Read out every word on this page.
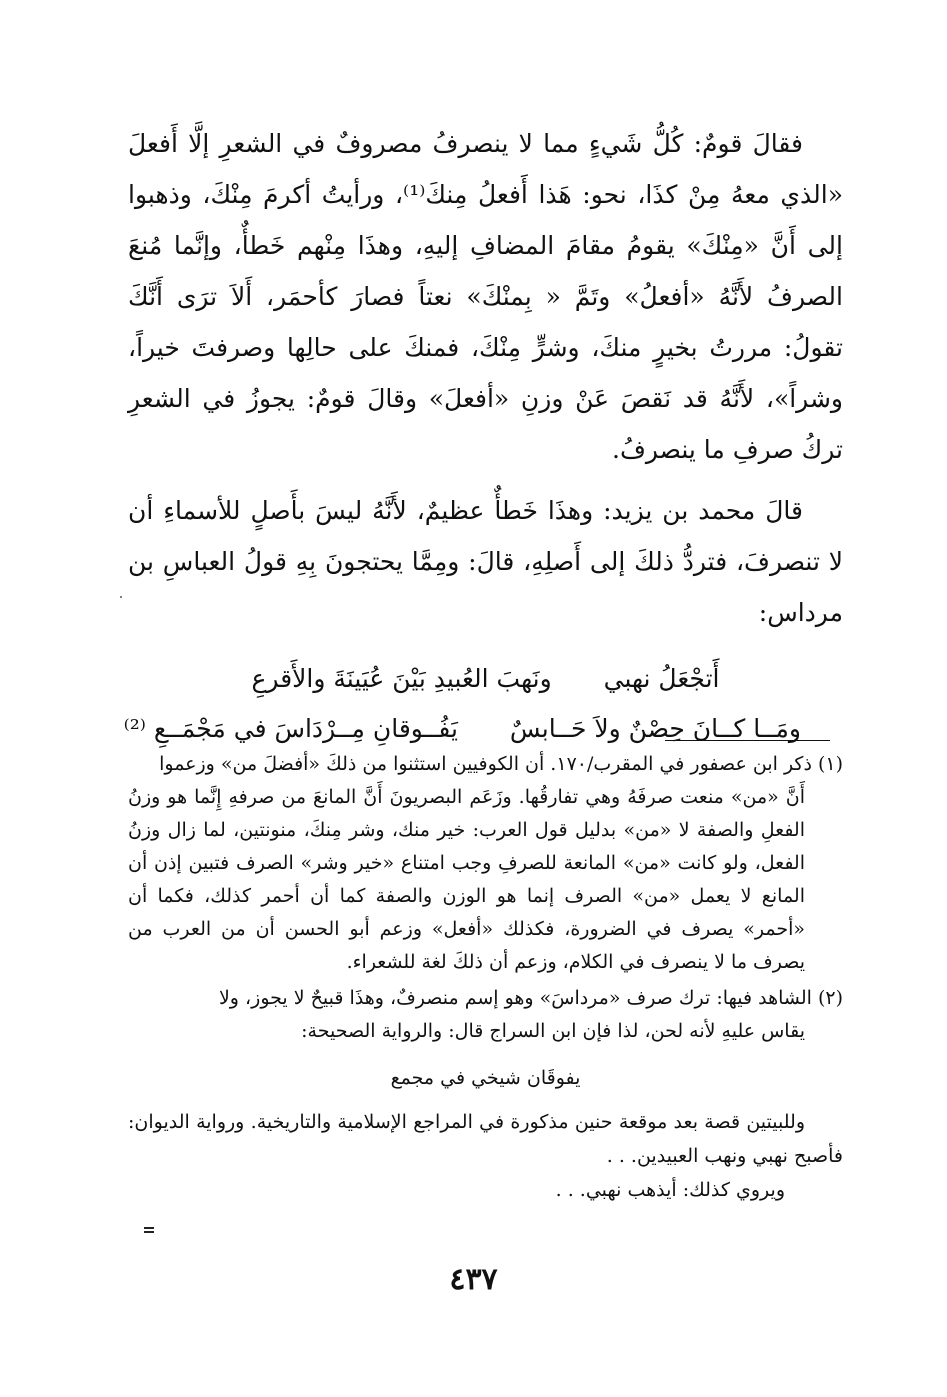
فقالَ قومٌ: كُلُّ شَيءٍ مما لا ينصرفُ مصروفٌ في الشعرِ إلَّا أَفعلَ «الذي معهُ مِنْ كذَا، نحو: هَذا أَفعلُ مِنكَ⁽¹⁾، ورأيتُ أكرمَ مِنْكَ، وذهبوا إلى أَنَّ «مِنْكَ» يقومُ مقامَ المضافِ إليهِ، وهذَا مِنْهم خَطأٌ، وإنَّما مُنعَ الصرفُ لأَنَّهُ «أفعلُ» وتَمَّ « بِمنْكَ» نعتاً فصارَ كأحمَر، أَلاَ ترَى أَنَّكَ تقولُ: مررتُ بخيرٍ منكَ، وشرٍّ مِنْكَ، فمنكَ على حالِها وصرفتَ خيراً، وشراً»، لأَنَّهُ قد نَقصَ عَنْ وزنِ «أفعلَ» وقالَ قومٌ: يجوزُ في الشعرِ تركُ صرفِ ما ينصرفُ.

قالَ محمد بن يزيد: وهذَا خَطأٌ عظيمٌ، لأَنَّهُ ليسَ بأَصلٍ للأسماءِ أن لا تنصرفَ، فتردُّ ذلكَ إلى أَصلِهِ، قالَ: ومِمَّا يحتجونَ بِهِ قولُ العباسِ بن مرداس:

أَتجْعَلُ نهبي ونَهبَ العُبيدِ بَيْنَ عُيَينَةَ والأَقرعِ
ومَــا كــانَ حِصْنٌ ولاَ حَــابسٌ يَفُــوقانِ مِــرْدَاسَ في مَجْمَــعِ ⁽²⁾

(١)ذكر ابن عصفور في المقرب/١٧٠. أن الكوفيين استثنوا من ذلكَ «أفضلَ من» وزعموا
أَنَّ «من» منعت صرفَهُ وهي تفارقُها. وزَعَم البصريونَ أَنَّ المانعَ من صرفهِ إِنَّما هو وزنُ الفعلِ والصفة لا «من» بدليل قول العرب: خير منك، وشر مِنكَ، منونتين، لما زال وزنُ الفعل، ولو كانت «من» المانعة للصرفِ وجب امتناع «خير وشر» الصرف فتبين إذن أن المانع لا يعمل «من» الصرف إنما هو الوزن والصفة كما أن أحمر كذلك، فكما أن «أحمر» يصرف في الضرورة، فكذلك «أفعل» وزعم أبو الحسن أن من العرب من يصرف ما لا ينصرف في الكلام، وزعم أن ذلكَ لغة للشعراء.

(٢)الشاهد فيها: ترك صرف «مرداسَ» وهو إسم منصرفٌ، وهذَا قبيحٌ لا يجوز، ولا
يقاس عليهِ لأنه لحن، لذا فإن ابن السراج قال: والرواية الصحيحة:

يفوقَان شيخي في مجمع

وللبيتين قصة بعد موقعة حنين مذكورة في المراجع الإسلامية والتاريخية. ورواية الديوان: فأصبح نهبي ونهب العبيدين. . .

ويروي كذلك: أيذهب نهبي. . .

٤٣٧
